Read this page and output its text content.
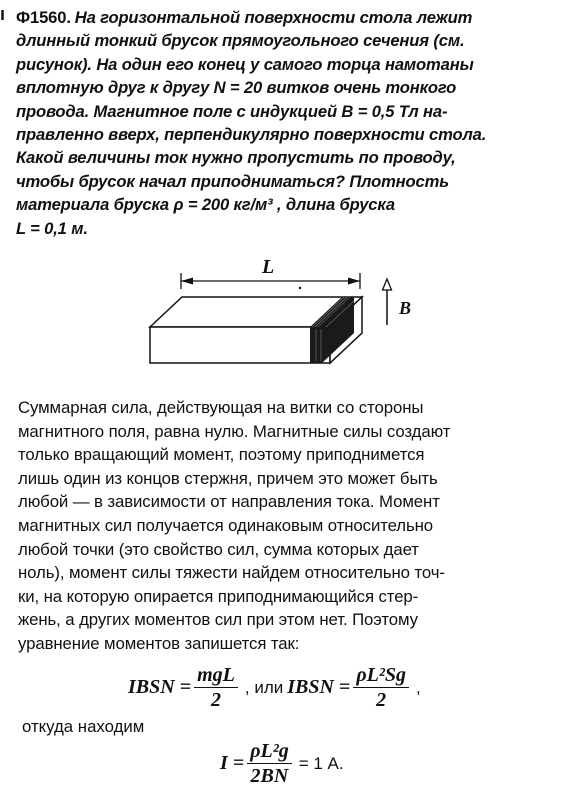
ı Ф1560. На горизонтальной поверхности стола лежит
длинный тонкий брусок прямоугольного сечения (см.
рисунок). На один его конец у самого торца намотаны
вплотную друг к другу N = 20 витков очень тонкого
провода. Магнитное поле с индукцией B = 0,5 Тл на-
правленно вверх, перпендикулярно поверхности стола.
Какой величины ток нужно пропустить по проводу,
чтобы брусок начал приподниматься? Плотность
материала бруска ρ = 200 кг/м³ , длина бруска
L = 0,1 м.
L
B
Суммарная сила, действующая на витки со стороны
магнитного поля, равна нулю. Магнитные силы создают
только вращающий момент, поэтому приподнимется
лишь один из концов стержня, причем это может быть
любой — в зависимости от направления тока. Момент
магнитных сил получается одинаковым относительно
любой точки (это свойство сил, сумма которых дает
ноль), момент силы тяжести найдем относительно точ-
ки, на которую опирается приподнимающийся стер-
жень, а других моментов сил при этом нет. Поэтому
уравнение моментов запишется так:
IBSN = $\frac{\text{mgL}}{2}$ , или IBSN = $\frac{\text{ρL²Sg}}{2}$ ,
откуда находим
$I = \frac{\text{ρL²g}}{2BN} = 1$ А.
